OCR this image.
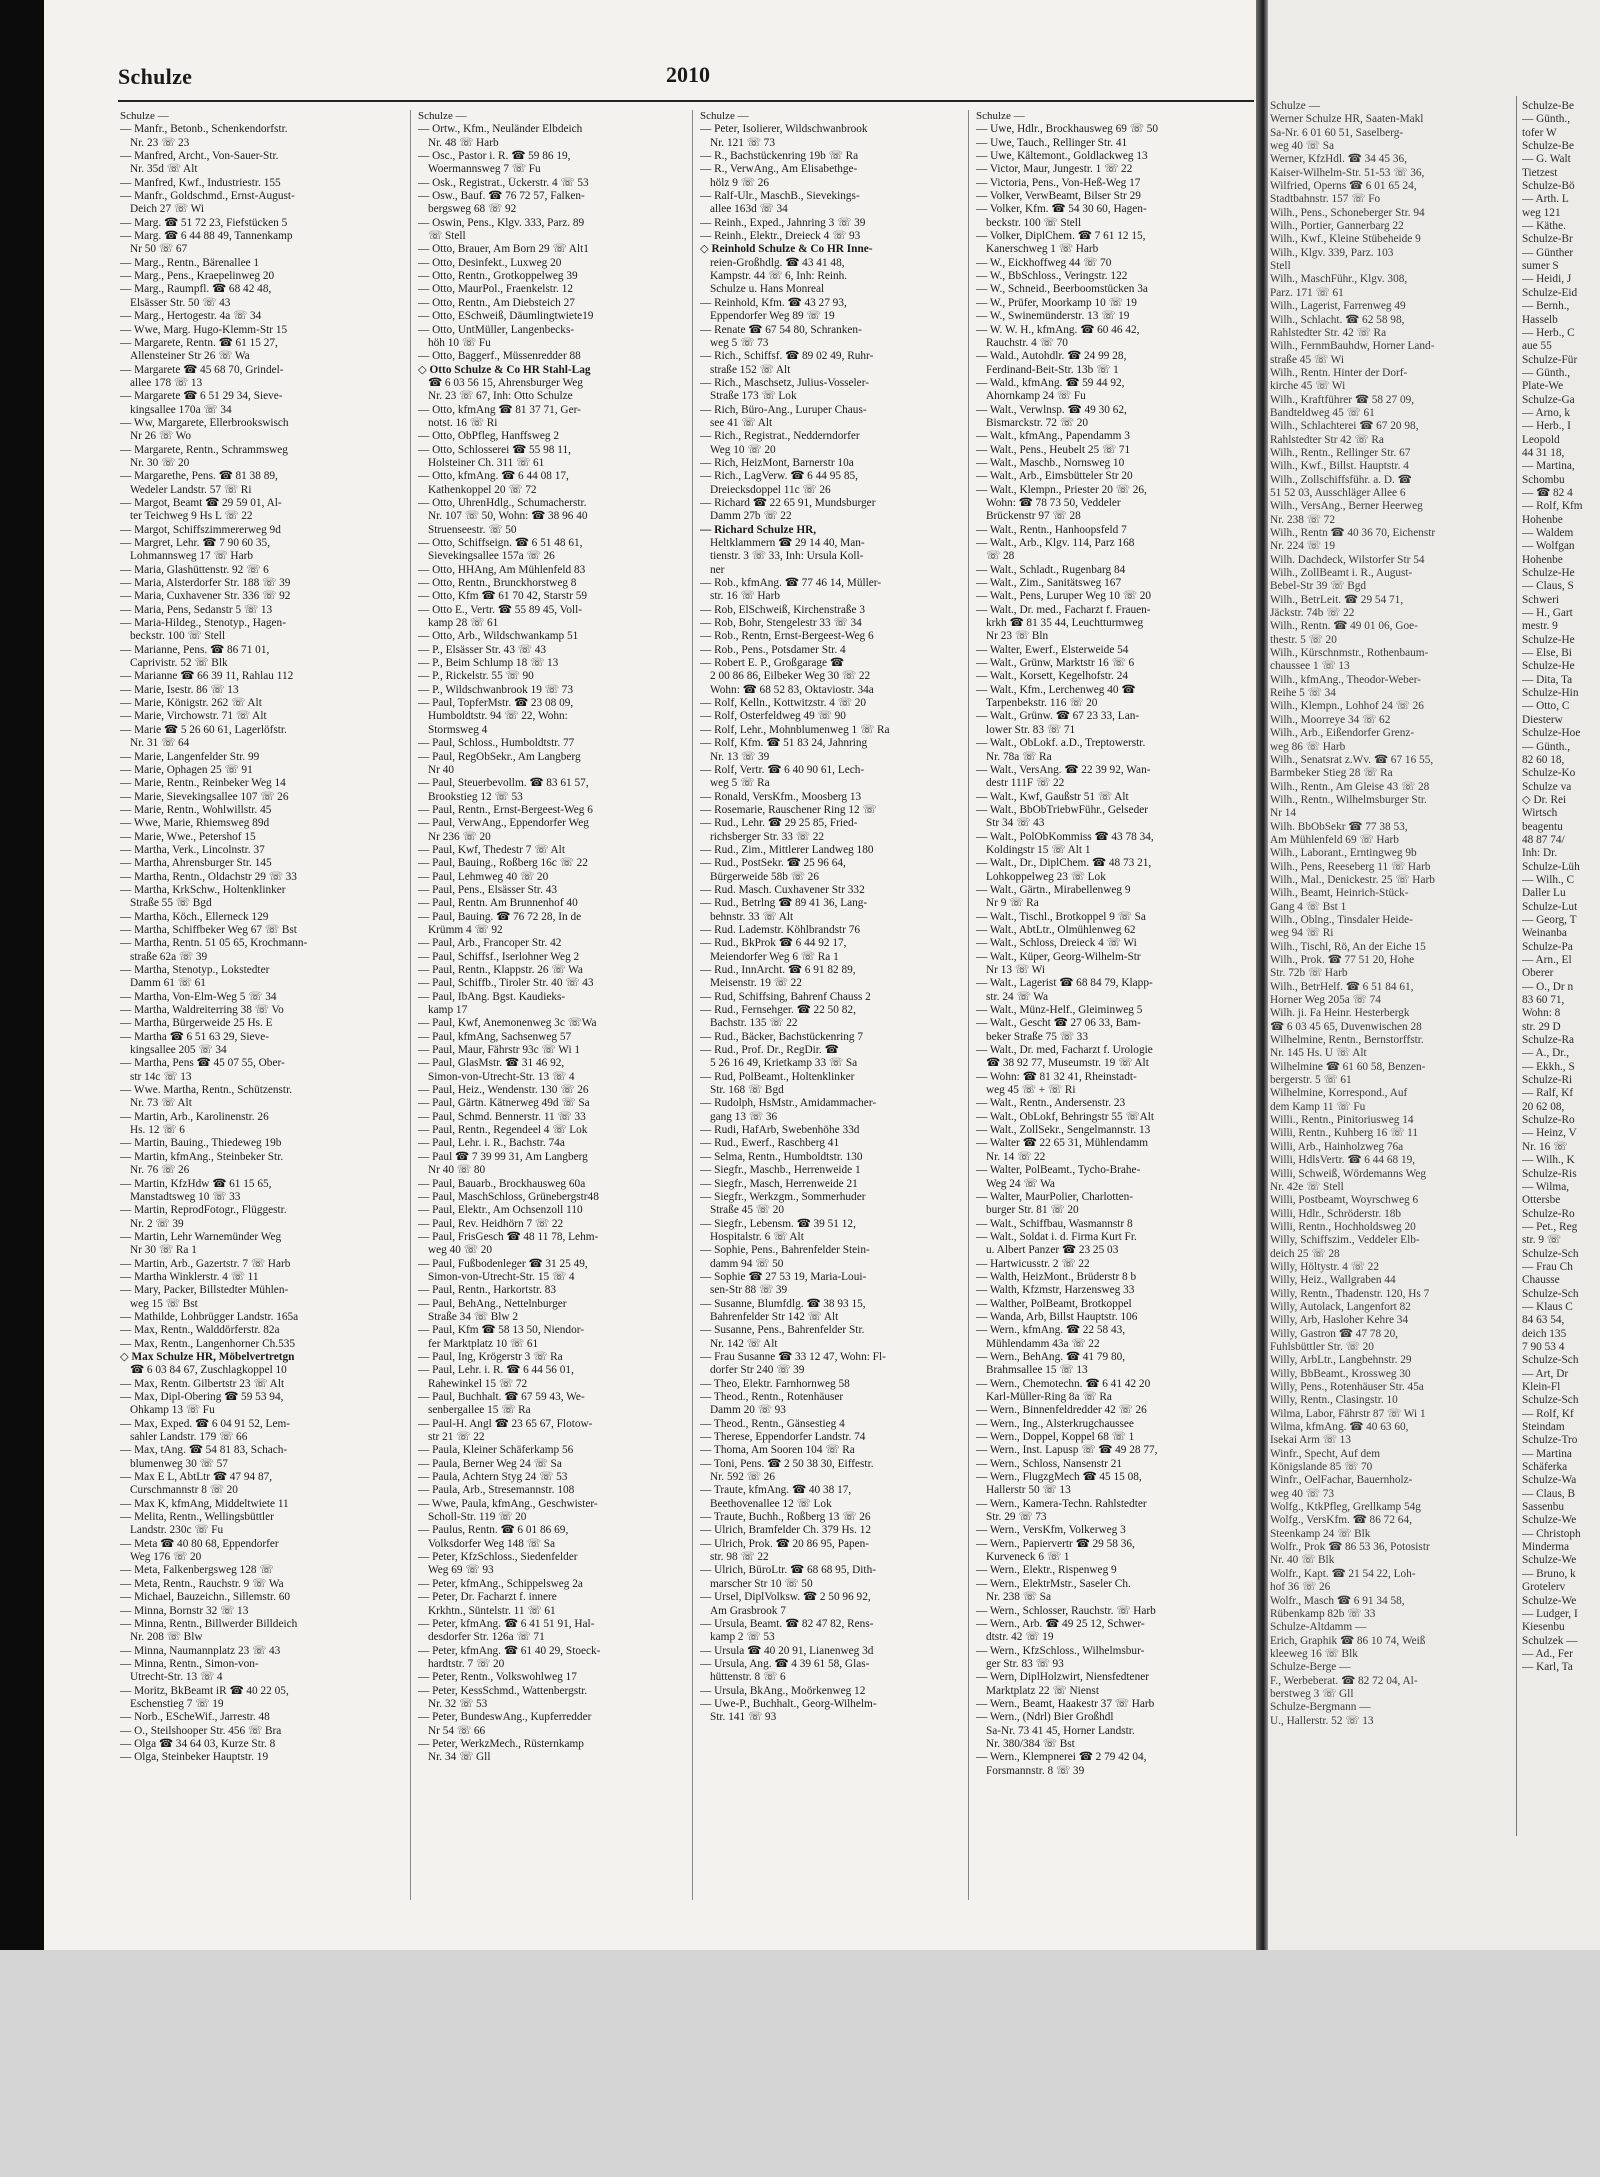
Schulze	2010
Schulze —
— Manfr., Betonb., Schenkendorfstr.
Nr. 23 ☏ 23
— Manfred, Archt., Von-Sauer-Str.
Nr. 35d ☏ Alt
— Manfred, Kwf., Industriestr. 155
— Manfr., Goldschmd., Ernst-August-
Deich 27 ☏ Wi
— Marg. ☎ 51 72 23, Fiefstücken 5
— Marg. ☎ 6 44 88 49, Tannenkamp
Nr 50 ☏ 67
— Marg., Rentn., Bärenallee 1
— Marg., Pens., Kraepelinweg 20
— Marg., Raumpfl. ☎ 68 42 48,
Elsässer Str. 50 ☏ 43
— Marg., Hertogestr. 4a ☏ 34
— Wwe, Marg. Hugo-Klemm-Str 15
— Margarete, Rentn. ☎ 61 15 27,
Allensteiner Str 26 ☏ Wa
— Margarete ☎ 45 68 70, Grindel-
allee 178 ☏ 13
— Margarete ☎ 6 51 29 34, Sieve-
kingsallee 170a ☏ 34
— Ww, Margarete, Ellerbrookswisch
Nr 26 ☏ Wo
— Margarete, Rentn., Schrammsweg
Nr. 30 ☏ 20
— Margarethe, Pens. ☎ 81 38 89,
Wedeler Landstr. 57 ☏ Ri
— Margot, Beamt ☎ 29 59 01, Al-
ter Teichweg 9 Hs L ☏ 22
— Margot, Schiffszimmererweg 9d
— Margret, Lehr. ☎ 7 90 60 35,
Lohmannsweg 17 ☏ Harb
— Maria, Glashüttenstr. 92 ☏ 6
— Maria, Alsterdorfer Str. 188 ☏ 39
— Maria, Cuxhavener Str. 336 ☏ 92
— Maria, Pens, Sedanstr 5 ☏ 13
— Maria-Hildeg., Stenotyp., Hagen-
beckstr. 100 ☏ Stell
— Marianne, Pens. ☎ 86 71 01,
Caprivistr. 52 ☏ Blk
— Marianne ☎ 66 39 11, Rahlau 112
— Marie, Isestr. 86 ☏ 13
— Marie, Königstr. 262 ☏ Alt
— Marie, Virchowstr. 71 ☏ Alt
— Marie ☎ 5 26 60 61, Lagerlöfstr.
Nr. 31 ☏ 64
— Marie, Langenfelder Str. 99
— Marie, Ophagen 25 ☏ 91
— Marie, Rentn., Reinbeker Weg 14
— Marie, Sievekingsallee 107 ☏ 26
— Marie, Rentn., Wohlwillstr. 45
— Wwe, Marie, Rhiemsweg 89d
— Marie, Wwe., Petershof 15
— Martha, Verk., Lincolnstr. 37
— Martha, Ahrensburger Str. 145
— Martha, Rentn., Oldachstr 29 ☏ 33
— Martha, KrkSchw., Holtenklinker
Straße 55 ☏ Bgd
— Martha, Köch., Ellerneck 129
— Martha, Schiffbeker Weg 67 ☏ Bst
— Martha, Rentn. 51 05 65, Krochmann-
straße 62a ☏ 39
— Martha, Stenotyp., Lokstedter
Damm 61 ☏ 61
— Martha, Von-Elm-Weg 5 ☏ 34
— Martha, Waldreiterring 38 ☏ Vo
— Martha, Bürgerweide 25 Hs. E
— Martha ☎ 6 51 63 29, Sieve-
kingsallee 205 ☏ 34
— Martha, Pens ☎ 45 07 55, Ober-
str 14c ☏ 13
— Wwe. Martha, Rentn., Schützenstr.
Nr. 73 ☏ Alt
— Martin, Arb., Karolinenstr. 26
Hs. 12 ☏ 6
— Martin, Bauing., Thiedeweg 19b
— Martin, kfmAng., Steinbeker Str.
Nr. 76 ☏ 26
— Martin, KfzHdw ☎ 61 15 65,
Manstadtsweg 10 ☏ 33
— Martin, ReprodFotogr., Flüggestr.
Nr. 2 ☏ 39
— Martin, Lehr Warnemünder Weg
Nr 30 ☏ Ra 1
— Martin, Arb., Gazertstr. 7 ☏ Harb
— Martha Winklerstr. 4 ☏ 11
— Mary, Packer, Billstedter Mühlen-
weg 15 ☏ Bst
— Mathilde, Lohbrügger Landstr. 165a
— Max, Rentn., Walddörferstr. 82a
— Max, Rentn., Langenhorner Ch.535
◇ Max Schulze HR, Möbelvertretgn
☎ 6 03 84 67, Zuschlagkoppel 10
— Max, Rentn. Gilbertstr 23 ☏ Alt
— Max, Dipl-Obering ☎ 59 53 94,
Ohkamp 13 ☏ Fu
— Max, Exped. ☎ 6 04 91 52, Lem-
sahler Landstr. 179 ☏ 66
— Max, tAng. ☎ 54 81 83, Schach-
blumenweg 30 ☏ 57
— Max E L, AbtLtr ☎ 47 94 87,
Curschmannstr 8 ☏ 20
— Max K, kfmAng, Middeltwiete 11
— Melita, Rentn., Wellingsbüttler
Landstr. 230c ☏ Fu
— Meta ☎ 40 80 68, Eppendorfer
Weg 176 ☏ 20
— Meta, Falkenbergsweg 128 ☏
— Meta, Rentn., Rauchstr. 9 ☏ Wa
— Michael, Bauzeichn., Sillemstr. 60
— Minna, Bornstr 32 ☏ 13
— Minna, Rentn., Billwerder Billdeich
Nr. 208 ☏ Blw
— Minna, Naumannplatz 23 ☏ 43
— Minna, Rentn., Simon-von-
Utrecht-Str. 13 ☏ 4
— Moritz, BkBeamt iR ☎ 40 22 05,
Eschenstieg 7 ☏ 19
— Norb., EScheWif., Jarrestr. 48
— O., Steilshooper Str. 456 ☏ Bra
— Olga ☎ 34 64 03, Kurze Str. 8
— Olga, Steinbeker Hauptstr. 19
Schulze —
— Ortw., Kfm., Neuländer Elbdeich
Nr. 48 ☏ Harb
— Osc., Pastor i. R. ☎ 59 86 19,
Woermannsweg 7 ☏ Fu
— Osk., Registrat., Ückerstr. 4 ☏ 53
— Osw., Bauf. ☎ 76 72 57, Falken-
bergsweg 68 ☏ 92
— Oswin, Pens., Klgv. 333, Parz. 89
☏ Stell
— Otto, Brauer, Am Born 29 ☏ Alt1
— Otto, Desinfekt., Luxweg 20
— Otto, Rentn., Grotkoppelweg 39
— Otto, MaurPol., Fraenkelstr. 12
— Otto, Rentn., Am Diebsteich 27
— Otto, ESchweiß, Däumlingtwiete19
— Otto, UntMüller, Langenbecks-
höh 10 ☏ Fu
— Otto, Baggerf., Müssenredder 88
◇ Otto Schulze & Co HR Stahl-Lag
☎ 6 03 56 15, Ahrensburger Weg
Nr. 23 ☏ 67, Inh: Otto Schulze
— Otto, kfmAng ☎ 81 37 71, Ger-
notst. 16 ☏ Ri
— Otto, ObPfleg, Hanffsweg 2
— Otto, Schlosserei ☎ 55 98 11,
Holsteiner Ch. 311 ☏ 61
— Otto, kfmAng. ☎ 6 44 08 17,
Kathenkoppel 20 ☏ 72
— Otto, UhrenHdlg., Schumacherstr.
Nr. 107 ☏ 50, Wohn: ☎ 38 96 40
Struenseestr. ☏ 50
— Otto, Schiffseign. ☎ 6 51 48 61,
Sievekingsallee 157a ☏ 26
— Otto, HHAng, Am Mühlenfeld 83
— Otto, Rentn., Brunckhorstweg 8
— Otto, Kfm ☎ 61 70 42, Starstr 59
— Otto E., Vertr. ☎ 55 89 45, Voll-
kamp 28 ☏ 61
— Otto, Arb., Wildschwankamp 51
— P., Elsässer Str. 43 ☏ 43
— P., Beim Schlump 18 ☏ 13
— P., Rickelstr. 55 ☏ 90
— P., Wildschwanbrook 19 ☏ 73
— Paul, TopferMstr. ☎ 23 08 09,
Humboldtstr. 94 ☏ 22, Wohn:
Stormsweg 4
— Paul, Schloss., Humboldtstr. 77
— Paul, RegObSekr., Am Langberg
Nr 40
— Paul, Steuerbevollm. ☎ 83 61 57,
Brookstieg 12 ☏ 53
— Paul, Rentn., Ernst-Bergeest-Weg 6
— Paul, VerwAng., Eppendorfer Weg
Nr 236 ☏ 20
— Paul, Kwf, Thedestr 7 ☏ Alt
— Paul, Bauing., Roßberg 16c ☏ 22
— Paul, Lehmweg 40 ☏ 20
— Paul, Pens., Elsässer Str. 43
— Paul, Rentn. Am Brunnenhof 40
— Paul, Bauing. ☎ 76 72 28, In de
Krümm 4 ☏ 92
— Paul, Arb., Francoper Str. 42
— Paul, Schiffsf., Iserlohner Weg 2
— Paul, Rentn., Klappstr. 26 ☏ Wa
— Paul, Schiffb., Tiroler Str. 40 ☏ 43
— Paul, IbAng. Bgst. Kaudieks-
kamp 17
— Paul, Kwf, Anemonenweg 3c ☏Wa
— Paul, kfmAng, Sachsenweg 57
— Paul, Maur, Fährstr 93c ☏ Wi 1
— Paul, GlasMstr. ☎ 31 46 92,
Simon-von-Utrecht-Str. 13 ☏ 4
— Paul, Heiz., Wendenstr. 130 ☏ 26
— Paul, Gärtn. Kätnerweg 49d ☏ Sa
— Paul, Schmd. Bennerstr. 11 ☏ 33
— Paul, Rentn., Regendeel 4 ☏ Lok
— Paul, Lehr. i. R., Bachstr. 74a
— Paul ☎ 7 39 99 31, Am Langberg
Nr 40 ☏ 80
— Paul, Bauarb., Brockhausweg 60a
— Paul, MaschSchloss, Grünebergstr48
— Paul, Elektr., Am Ochsenzoll 110
— Paul, Rev. Heidhörn 7 ☏ 22
— Paul, FrisGesch ☎ 48 11 78, Lehm-
weg 40 ☏ 20
— Paul, Fußbodenleger ☎ 31 25 49,
Simon-von-Utrecht-Str. 15 ☏ 4
— Paul, Rentn., Harkortstr. 83
— Paul, BehAng., Nettelnburger
Straße 34 ☏ Blw 2
— Paul, Kfm ☎ 58 13 50, Niendor-
fer Marktplatz 10 ☏ 61
— Paul, Ing, Krögerstr 3 ☏ Ra
— Paul, Lehr. i. R. ☎ 6 44 56 01,
Rahewinkel 15 ☏ 72
— Paul, Buchhalt. ☎ 67 59 43, We-
senbergallee 15 ☏ Ra
— Paul-H. Angl ☎ 23 65 67, Flotow-
str 21 ☏ 22
— Paula, Kleiner Schäferkamp 56
— Paula, Berner Weg 24 ☏ Sa
— Paula, Achtern Styg 24 ☏ 53
— Paula, Arb., Stresemannstr. 108
— Wwe, Paula, kfmAng., Geschwister-
Scholl-Str. 119 ☏ 20
— Paulus, Rentn. ☎ 6 01 86 69,
Volksdorfer Weg 148 ☏ Sa
— Peter, KfzSchloss., Siedenfelder
Weg 69 ☏ 93
— Peter, kfmAng., Schippelsweg 2a
— Peter, Dr. Facharzt f. innere
Krkhtn., Süntelstr. 11 ☏ 61
— Peter, kfmAng. ☎ 6 41 51 91, Hal-
desdorfer Str. 126a ☏ 71
— Peter, kfmAng. ☎ 61 40 29, Stoeck-
hardtstr. 7 ☏ 20
— Peter, Rentn., Volkswohlweg 17
— Peter, KessSchmd., Wattenbergstr.
Nr. 32 ☏ 53
— Peter, BundeswAng., Kupferredder
Nr 54 ☏ 66
— Peter, WerkzMech., Rüsternkamp
Nr. 34 ☏ Gll
Schulze —
— Peter, Isolierer, Wildschwanbrook
Nr. 121 ☏ 73
— R., Bachstückenring 19b ☏ Ra
— R., VerwAng., Am Elisabethge-
hölz 9 ☏ 26
— Ralf-Ulr., MaschB., Sievekings-
allee 163d ☏ 34
— Reinh., Exped., Jahnring 3 ☏ 39
— Reinh., Elektr., Dreieck 4 ☏ 93
◇ Reinhold Schulze & Co HR Inne-
reien-Großhdlg. ☎ 43 41 48,
Kampstr. 44 ☏ 6, Inh: Reinh.
Schulze u. Hans Monreal
— Reinhold, Kfm. ☎ 43 27 93,
Eppendorfer Weg 89 ☏ 19
— Renate ☎ 67 54 80, Schranken-
weg 5 ☏ 73
— Rich., Schiffsf. ☎ 89 02 49, Ruhr-
straße 152 ☏ Alt
— Rich., Maschsetz, Julius-Vosseler-
Straße 173 ☏ Lok
— Rich, Büro-Ang., Luruper Chaus-
see 41 ☏ Alt
— Rich., Registrat., Nedderndorfer
Weg 10 ☏ 20
— Rich, HeizMont, Barnerstr 10a
— Rich., LagVerw. ☎ 6 44 95 85,
Dreiecksdoppel 11c ☏ 26
— Richard ☎ 22 65 91, Mundsburger
Damm 27b ☏ 22
— Richard Schulze HR,
Heltklammern ☎ 29 14 40, Man-
tienstr. 3 ☏ 33, Inh: Ursula Koll-
ner
— Rob., kfmAng. ☎ 77 46 14, Müller-
str. 16 ☏ Harb
— Rob, ElSchweiß, Kirchenstraße 3
— Rob, Bohr, Stengelestr 33 ☏ 34
— Rob., Rentn, Ernst-Bergeest-Weg 6
— Rob., Pens., Potsdamer Str. 4
— Robert E. P., Großgarage ☎
2 00 86 86, Eilbeker Weg 30 ☏ 22
Wohn: ☎ 68 52 83, Oktaviostr. 34a
— Rolf, Kelln., Kottwitzstr. 4 ☏ 20
— Rolf, Osterfeldweg 49 ☏ 90
— Rolf, Lehr., Mohnblumenweg 1 ☏ Ra
— Rolf, Kfm. ☎ 51 83 24, Jahnring
Nr. 13 ☏ 39
— Rolf, Vertr. ☎ 6 40 90 61, Lech-
weg 5 ☏ Ra
— Ronald, VersKfm., Moosberg 13
— Rosemarie, Rauschener Ring 12 ☏
— Rud., Lehr. ☎ 29 25 85, Fried-
richsberger Str. 33 ☏ 22
— Rud., Zim., Mittlerer Landweg 180
— Rud., PostSekr. ☎ 25 96 64,
Bürgerweide 58b ☏ 26
— Rud. Masch. Cuxhavener Str 332
— Rud., Betrlng ☎ 89 41 36, Lang-
behnstr. 33 ☏ Alt
— Rud. Lademstr. Köhlbrandstr 76
— Rud., BkProk ☎ 6 44 92 17,
Meiendorfer Weg 6 ☏ Ra 1
— Rud., InnArcht. ☎ 6 91 82 89,
Meisenstr. 19 ☏ 22
— Rud, Schiffsing, Bahrenf Chauss 2
— Rud., Fernsehger. ☎ 22 50 82,
Bachstr. 135 ☏ 22
— Rud., Bäcker, Bachstückenring 7
— Rud., Prof. Dr., RegDir. ☎
5 26 16 49, Krietkamp 33 ☏ Sa
— Rud, PolBeamt., Holtenklinker
Str. 168 ☏ Bgd
— Rudolph, HsMstr., Amidammacher-
gang 13 ☏ 36
— Rudi, HafArb, Swebenhöhe 33d
— Rud., Ewerf., Raschberg 41
— Selma, Rentn., Humboldtstr. 130
— Siegfr., Maschb., Herrenweide 1
— Siegfr., Masch, Herrenweide 21
— Siegfr., Werkzgm., Sommerhuder
Straße 45 ☏ 20
— Siegfr., Lebensm. ☎ 39 51 12,
Hospitalstr. 6 ☏ Alt
— Sophie, Pens., Bahrenfelder Stein-
damm 94 ☏ 50
— Sophie ☎ 27 53 19, Maria-Loui-
sen-Str 88 ☏ 39
— Susanne, Blumfdlg. ☎ 38 93 15,
Bahrenfelder Str 142 ☏ Alt
— Susanne, Pens., Bahrenfelder Str.
Nr. 142 ☏ Alt
— Frau Susanne ☎ 33 12 47, Wohn: Fl-
dorfer Str 240 ☏ 39
— Theo, Elektr. Farnhornweg 58
— Theod., Rentn., Rotenhäuser
Damm 20 ☏ 93
— Theod., Rentn., Gänsestieg 4
— Therese, Eppendorfer Landstr. 74
— Thoma, Am Sooren 104 ☏ Ra
— Toni, Pens. ☎ 2 50 38 30, Eiffestr.
Nr. 592 ☏ 26
— Traute, kfmAng. ☎ 40 38 17,
Beethovenallee 12 ☏ Lok
— Traute, Buchh., Roßberg 13 ☏ 26
— Ulrich, Bramfelder Ch. 379 Hs. 12
— Ulrich, Prok. ☎ 20 86 95, Papen-
str. 98 ☏ 22
— Ulrich, BüroLtr. ☎ 68 68 95, Dith-
marscher Str 10 ☏ 50
— Ursel, DiplVolksw. ☎ 2 50 96 92,
Am Grasbrook 7
— Ursula, Beamt. ☎ 82 47 82, Rens-
kamp 2 ☏ 53
— Ursula ☎ 40 20 91, Lianenweg 3d
— Ursula, Ang. ☎ 4 39 61 58, Glas-
hüttenstr. 8 ☏ 6
— Ursula, BkAng., Moörkenweg 12
— Uwe-P., Buchhalt., Georg-Wilhelm-
Str. 141 ☏ 93
Schulze —
— Uwe, Hdlr., Brockhausweg 69 ☏ 50
— Uwe, Tauch., Rellinger Str. 41
— Uwe, Kältemont., Goldlackweg 13
— Victor, Maur, Jungestr. 1 ☏ 22
— Victoria, Pens., Von-Heß-Weg 17
— Volker, VerwBeamt, Bilser Str 29
— Volker, Kfm. ☎ 54 30 60, Hagen-
beckstr. 100 ☏ Stell
— Volker, DiplChem. ☎ 7 61 12 15,
Kanerschweg 1 ☏ Harb
— W., Eickhoffweg 44 ☏ 70
— W., BbSchloss., Veringstr. 122
— W., Schneid., Beerboomstücken 3a
— W., Prüfer, Moorkamp 10 ☏ 19
— W., Swinemünderstr. 13 ☏ 19
— W. W. H., kfmAng. ☎ 60 46 42,
Rauchstr. 4 ☏ 70
— Wald., Autohdlr. ☎ 24 99 28,
Ferdinand-Beit-Str. 13b ☏ 1
— Wald., kfmAng. ☎ 59 44 92,
Ahornkamp 24 ☏ Fu
— Walt., Verwlnsp. ☎ 49 30 62,
Bismarckstr. 72 ☏ 20
— Walt., kfmAng., Papendamm 3
— Walt., Pens., Heubelt 25 ☏ 71
— Walt., Maschb., Nornsweg 10
— Walt., Arb., Eimsbütteler Str 20
— Walt., Klempn., Priester 20 ☏ 26,
Wohn: ☎ 78 73 50, Veddeler
Brückenstr 97 ☏ 28
— Walt., Rentn., Hanhoopsfeld 7
— Walt., Arb., Klgv. 114, Parz 168
☏ 28
— Walt., Schladt., Rugenbarg 84
— Walt., Zim., Sanitätsweg 167
— Walt., Pens, Luruper Weg 10 ☏ 20
— Walt., Dr. med., Facharzt f. Frauen-
krkh ☎ 81 35 44, Leuchtturmweg
Nr 23 ☏ Bln
— Walter, Ewerf., Elsterweide 54
— Walt., Grünw, Marktstr 16 ☏ 6
— Walt., Korsett, Kegelhofstr. 24
— Walt., Kfm., Lerchenweg 40 ☎
Tarpenbekstr. 116 ☏ 20
— Walt., Grünw. ☎ 67 23 33, Lan-
lower Str. 83 ☏ 71
— Walt., ObLokf. a.D., Treptowerstr.
Nr. 78a ☏ Ra
— Walt., VersAng. ☎ 22 39 92, Wan-
destr 111F ☏ 22
— Walt., Kwf, Gaußstr 51 ☏ Alt
— Walt., BbObTriebwFühr., Gelseder
Str 34 ☏ 43
— Walt., PolObKommiss ☎ 43 78 34,
Koldingstr 15 ☏ Alt 1
— Walt., Dr., DiplChem. ☎ 48 73 21,
Lohkoppelweg 23 ☏ Lok
— Walt., Gärtn., Mirabellenweg 9
Nr 9 ☏ Ra
— Walt., Tischl., Brotkoppel 9 ☏ Sa
— Walt., AbtLtr., Olmühlenweg 62
— Walt., Schloss, Dreieck 4 ☏ Wi
— Walt., Küper, Georg-Wilhelm-Str
Nr 13 ☏ Wi
— Walt., Lagerist ☎ 68 84 79, Klapp-
str. 24 ☏ Wa
— Walt., Münz-Helf., Gleiminweg 5
— Walt., Gescht ☎ 27 06 33, Bam-
beker Straße 75 ☏ 33
— Walt., Dr. med, Facharzt f. Urologie
☎ 38 92 77, Museumstr. 19 ☏ Alt
— Wohn: ☎ 81 32 41, Rheinstadt-
weg 45 ☏ + ☏ Ri
— Walt., Rentn., Andersenstr. 23
— Walt., ObLokf, Behringstr 55 ☏Alt
— Walt., ZollSekr., Sengelmannstr. 13
— Walter ☎ 22 65 31, Mühlendamm
Nr. 14 ☏ 22
— Walter, PolBeamt., Tycho-Brahe-
Weg 24 ☏ Wa
— Walter, MaurPolier, Charlotten-
burger Str. 81 ☏ 20
— Walt., Schiffbau, Wasmannstr 8
— Walt., Soldat i. d. Firma Kurt Fr.
u. Albert Panzer ☎ 23 25 03
— Hartwicusstr. 2 ☏ 22
— Walth, HeizMont., Brüderstr 8 b
— Walth, Kfzmstr, Harzensweg 33
— Walther, PolBeamt, Brotkoppel
— Wanda, Arb, Billst Hauptstr. 106
— Wern., kfmAng. ☎ 22 58 43,
Mühlendamm 43a ☏ 22
— Wern., BehAng. ☎ 41 79 80,
Brahmsallee 15 ☏ 13
— Wern., Chemotechn. ☎ 6 41 42 20
Karl-Müller-Ring 8a ☏ Ra
— Wern., Binnenfeldredder 42 ☏ 26
— Wern., Ing., Alsterkrugchaussee
— Wern., Doppel, Koppel 68 ☏ 1
— Wern., Inst. Lapusp ☏ ☎ 49 28 77,
— Wern., Schloss, Nansenstr 21
— Wern., FlugzgMech ☎ 45 15 08,
Hallerstr 50 ☏ 13
— Wern., Kamera-Techn. Rahlstedter
Str. 29 ☏ 73
— Wern., VersKfm, Volkerweg 3
— Wern., Papiervertr ☎ 29 58 36,
Kurveneck 6 ☏ 1
— Wern., Elektr., Rispenweg 9
— Wern., ElektrMstr., Saseler Ch.
Nr. 238 ☏ Sa
— Wern., Schlosser, Rauchstr. ☏ Harb
— Wern., Arb. ☎ 49 25 12, Schwer-
dtstr. 42 ☏ 19
— Wern., KfzSchloss., Wilhelmsbur-
ger Str. 83 ☏ 93
— Wern, DiplHolzwirt, Niensfedtener
Marktplatz 22 ☏ Nienst
— Wern., Beamt, Haakestr 37 ☏ Harb
— Wern., (Ndrl) Bier Großhdl
Sa-Nr. 73 41 45, Horner Landstr.
Nr. 380/384 ☏ Bst
— Wern., Klempnerei ☎ 2 79 42 04,
Forsmannstr. 8 ☏ 39
Schulze —
Werner Schulze HR, Saaten-Makl
Sa-Nr. 6 01 60 51, Saselberg-
weg 40 ☏ Sa
Werner, KfzHdl. ☎ 34 45 36,
Kaiser-Wilhelm-Str. 51-53 ☏ 36,
Wilfried, Operns ☎ 6 01 65 24,
Stadtbahnstr. 157 ☏ Fo
Wilh., Pens., Schoneberger Str. 94
Wilh., Portier, Gannerbarg 22
Wilh., Kwf., Kleine Stübeheide 9
Wilh., Klgv. 339, Parz. 103
Stell
Wilh., MaschFühr., Klgv. 308,
Parz. 171 ☏ 61
Wilh., Lagerist, Farrenweg 49
Wilh., Schlacht. ☎ 62 58 98,
Rahlstedter Str. 42 ☏ Ra
Wilh., FernmBauhdw, Horner Land-
straße 45 ☏ Wi
Wilh., Rentn. Hinter der Dorf-
kirche 45 ☏ Wi
Wilh., Kraftführer ☎ 58 27 09,
Bandteldweg 45 ☏ 61
Wilh., Schlachterei ☎ 67 20 98,
Rahlstedter Str 42 ☏ Ra
Wilh., Rentn., Rellinger Str. 67
Wilh., Kwf., Billst. Hauptstr. 4
Wilh., Zollschiffsführ. a. D. ☎
51 52 03, Ausschläger Allee 6
Wilh., VersAng., Berner Heerweg
Nr. 238 ☏ 72
Wilh., Rentn ☎ 40 36 70, Eichenstr
Nr. 224 ☏ 19
Wilh. Dachdeck, Wilstorfer Str 54
Wilh., ZollBeamt i. R., August-
Bebel-Str 39 ☏ Bgd
Wilh., BetrLeit. ☎ 29 54 71,
Jäckstr. 74b ☏ 22
Wilh., Rentn. ☎ 49 01 06, Goe-
thestr. 5 ☏ 20
Wilh., Kürschnmstr., Rothenbaum-
chaussee 1 ☏ 13
Wilh., kfmAng., Theodor-Weber-
Reihe 5 ☏ 34
Wilh., Klempn., Lohhof 24 ☏ 26
Wilh., Moorreye 34 ☏ 62
Wilh., Arb., Eißendorfer Grenz-
weg 86 ☏ Harb
Wilh., Senatsrat z.Wv. ☎ 67 16 55,
Barmbeker Stieg 28 ☏ Ra
Wilh., Rentn., Am Gleise 43 ☏ 28
Wilh., Rentn., Wilhelmsburger Str.
Nr 14
Wilh. BbObSekr ☎ 77 38 53,
Am Mühlenfeld 69 ☏ Harb
Wilh., Laborant., Erntingweg 9b
Wilh., Pens, Reeseberg 11 ☏ Harb
Wilh., Mal., Denickestr. 25 ☏ Harb
Wilh., Beamt, Heinrich-Stück-
Gang 4 ☏ Bst 1
Wilh., Oblng., Tinsdaler Heide-
weg 94 ☏ Ri
Wilh., Tischl, Rö, An der Eiche 15
Wilh., Prok. ☎ 77 51 20, Hohe
Str. 72b ☏ Harb
Wilh., BetrHelf. ☎ 6 51 84 61,
Horner Weg 205a ☏ 74
Wilh. ji. Fa Heinr. Hesterbergk
☎ 6 03 45 65, Duvenwischen 28
Wilhelmine, Rentn., Bernstorffstr.
Nr. 145 Hs. U ☏ Alt
Wilhelmine ☎ 61 60 58, Benzen-
bergerstr. 5 ☏ 61
Wilhelmine, Korrespond., Auf
dem Kamp 11 ☏ Fu
Willi., Rentn., Pinitoriusweg 14
Willi, Rentn., Kuhberg 16 ☏ 11
Willi, Arb., Hainholzweg 76a
Willi, HdlsVertr. ☎ 6 44 68 19,
Willi, Schweiß, Wördemanns Weg
Nr. 42e ☏ Stell
Willi, Postbeamt, Woyrschweg 6
Willi, Hdlr., Schröderstr. 18b
Willi, Rentn., Hochholdsweg 20
Willy, Schiffszim., Veddeler Elb-
deich 25 ☏ 28
Willy, Höltystr. 4 ☏ 22
Willy, Heiz., Wallgraben 44
Willy, Rentn., Thadenstr. 120, Hs 7
Willy, Autolack, Langenfort 82
Willy, Arb, Hasloher Kehre 34
Willy, Gastron ☎ 47 78 20,
Fuhlsbüttler Str. ☏ 20
Willy, ArbLtr., Langbehnstr. 29
Willy, BbBeamt., Krossweg 30
Willy, Pens., Rotenhäuser Str. 45a
Willy, Rentn., Clasingstr. 10
Wilma, Labor, Fährstr 87 ☏ Wi 1
Wilma, kfmAng. ☎ 40 63 60,
Isekai Arm ☏ 13
Winfr., Specht, Auf dem
Königslande 85 ☏ 70
Winfr., OelFachar, Bauernholz-
weg 40 ☏ 73
Wolfg., KtkPfleg, Grellkamp 54g
Wolfg., VersKfm. ☎ 86 72 64,
Steenkamp 24 ☏ Blk
Wolfr., Prok ☎ 86 53 36, Potosistr
Nr. 40 ☏ Blk
Wolfr., Kapt. ☎ 21 54 22, Loh-
hof 36 ☏ 26
Wolfr., Masch ☎ 6 91 34 58,
Rübenkamp 82b ☏ 33
Schulze-Altdamm —
Erich, Graphik ☎ 86 10 74, Weiß
kleeweg 16 ☏ Blk
Schulze-Berge —
F., Werbeberat. ☎ 82 72 04, Al-
berstweg 3 ☏ Gll
Schulze-Bergmann —
U., Hallerstr. 52 ☏ 13
Schulze-Be
— Günth.,
tofer W
Schulze-Be
— G. Walt
Tietzest
Schulze-Bö
— Arth. L
weg 121
— Käthe.
Schulze-Br
— Günther
sumer S
— Heidi, J
Schulze-Eid
— Bernh.,
Hasselb
— Herb., C
aue 55
Schulze-Für
— Günth.,
Plate-We
Schulze-Ga
— Arno, k
— Herb., I
Leopold
44 31 18,
— Martina,
Schombu
— ☎ 82 4
— Rolf, Kfm
Hohenbe
— Waldem
— Wolfgan
Hohenbe
Schulze-He
— Claus, S
Schweri
— H., Gart
mestr. 9
Schulze-He
— Else, Bi
Schulze-He
— Dita, Ta
Schulze-Hin
— Otto, C
Diesterw
Schulze-Hoe
— Günth.,
82 60 18,
Schulze-Ko
Schulze va
◇ Dr. Rei
Wirtsch
beagentu
48 87 74/
Inh: Dr.
Schulze-Lüh
— Wilh., C
Daller Lu
Schulze-Lut
— Georg, T
Weinanba
Schulze-Pa
— Arn., El
Oberer
— O., Dr n
83 60 71,
Wohn: 8
str. 29 D
Schulze-Ra
— A., Dr.,
— Ekkh., S
Schulze-Ri
— Ralf, Kf
20 62 08,
Schulze-Ro
— Heinz, V
Nr. 16 ☏
— Wilh., K
Schulze-Ris
— Wilma,
Ottersbe
Schulze-Ro
— Pet., Reg
str. 9 ☏
Schulze-Sch
— Frau Ch
Chausse
Schulze-Sch
— Klaus C
84 63 54,
deich 135
7 90 53 4
Schulze-Sch
— Art, Dr
Klein-Fl
Schulze-Sch
— Rolf, Kf
Steindam
Schulze-Tro
— Martina
Schäferka
Schulze-Wa
— Claus, B
Sassenbu
Schulze-We
— Christoph
Mindermа
Schulze-We
— Bruno, k
Grotelerv
Schulze-We
— Ludger, I
Kiesenbu
Schulzek —
— Ad., Fer
— Karl, Ta
